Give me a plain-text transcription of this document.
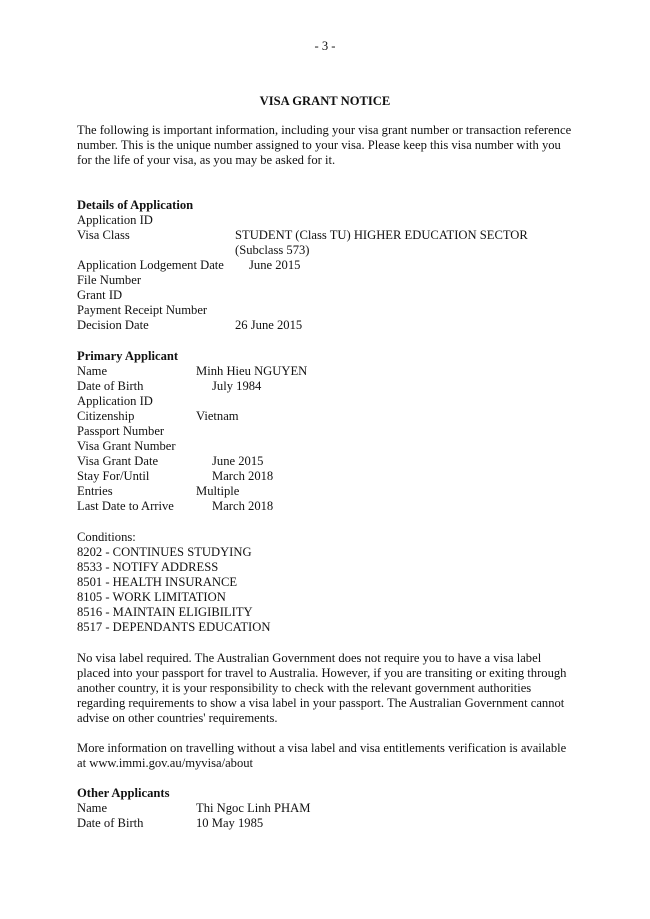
- 3 -
VISA GRANT NOTICE

The following is important information, including your visa grant number or transaction reference number. This is the unique number assigned to your visa. Please keep this visa number with you for the life of your visa, as you may be asked for it.

Details of Application
Application ID
Visa Class	STUDENT (Class TU) HIGHER EDUCATION SECTOR
(Subclass 573)
Application Lodgement Date June 2015
File Number
Grant ID
Payment Receipt Number
Decision Date	26 June 2015
Primary Applicant
Name	Minh Hieu NGUYEN
Date of Birth	July 1984
Application ID
Citizenship	Vietnam
Passport Number
Visa Grant Number
Visa Grant Date	June 2015
Stay For/Until	March 2018
Entries	Multiple
Last Date to Arrive	March 2018
Conditions:
8202 - CONTINUES STUDYING
8533 - NOTIFY ADDRESS
8501 - HEALTH INSURANCE
8105 - WORK LIMITATION
8516 - MAINTAIN ELIGIBILITY
8517 - DEPENDANTS EDUCATION

No visa label required. The Australian Government does not require you to have a visa label placed into your passport for travel to Australia. However, if you are transiting or exiting through another country, it is your responsibility to check with the relevant government authorities regarding requirements to show a visa label in your passport. The Australian Government cannot advise on other countries' requirements.

More information on travelling without a visa label and visa entitlements verification is available at www.immi.gov.au/myvisa/about

Other Applicants
Name	Thi Ngoc Linh PHAM
Date of Birth	10 May 1985
